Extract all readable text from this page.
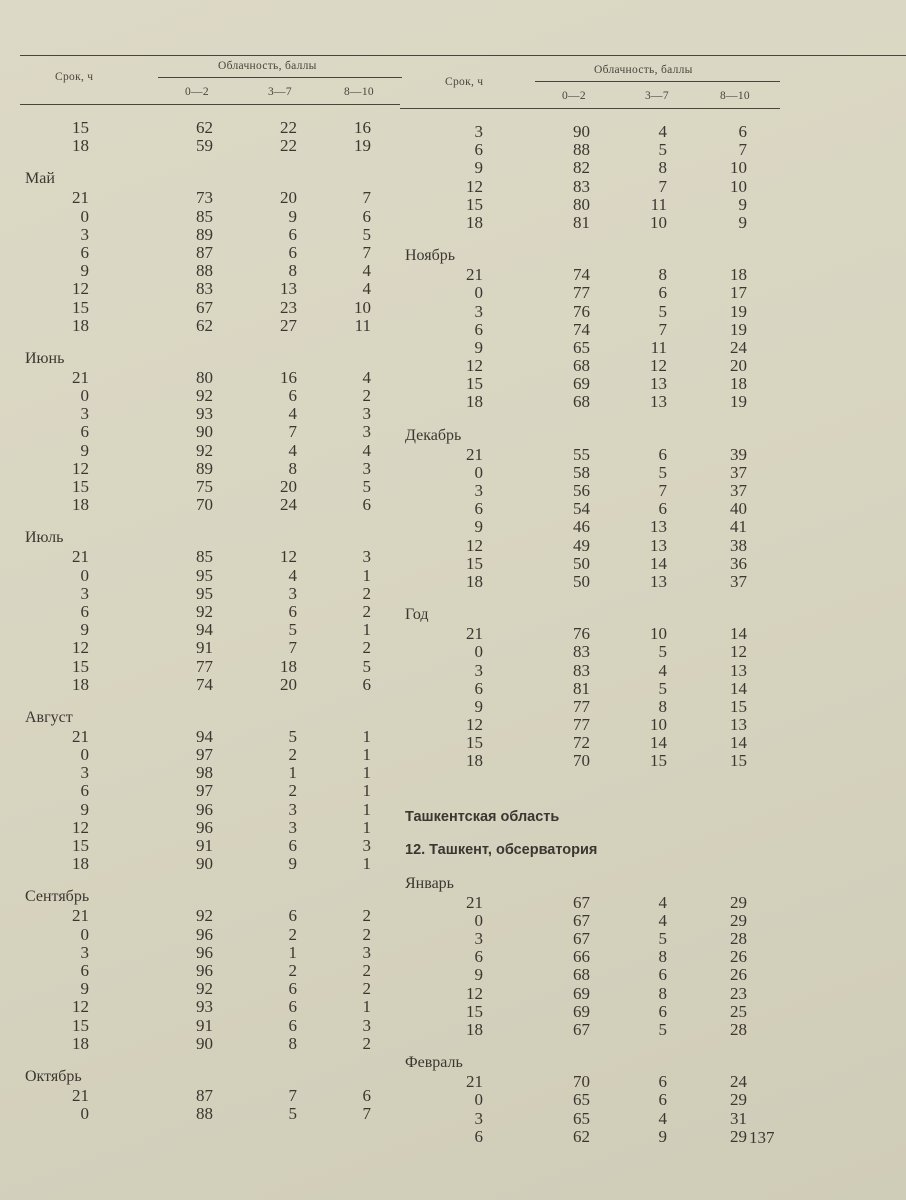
Срок, ч
Облачность, баллы
0—2	3—7	8—10
Срок, ч
Облачность, баллы
0—2	3—7	8—10
15	62	22	16
18	59	22	19
Май
21	73	20	7
0	85	9	6
3	89	6	5
6	87	6	7
9	88	8	4
12	83	13	4
15	67	23	10
18	62	27	11
Июнь
21	80	16	4
0	92	6	2
3	93	4	3
6	90	7	3
9	92	4	4
12	89	8	3
15	75	20	5
18	70	24	6
Июль
21	85	12	3
0	95	4	1
3	95	3	2
6	92	6	2
9	94	5	1
12	91	7	2
15	77	18	5
18	74	20	6
Август
21	94	5	1
0	97	2	1
3	98	1	1
6	97	2	1
9	96	3	1
12	96	3	1
15	91	6	3
18	90	9	1
Сентябрь
21	92	6	2
0	96	2	2
3	96	1	3
6	96	2	2
9	92	6	2
12	93	6	1
15	91	6	3
18	90	8	2
Октябрь
21	87	7	6
0	88	5	7
3	90	4	6
6	88	5	7
9	82	8	10
12	83	7	10
15	80	11	9
18	81	10	9
Ноябрь
21	74	8	18
0	77	6	17
3	76	5	19
6	74	7	19
9	65	11	24
12	68	12	20
15	69	13	18
18	68	13	19
Декабрь
21	55	6	39
0	58	5	37
3	56	7	37
6	54	6	40
9	46	13	41
12	49	13	38
15	50	14	36
18	50	13	37
Год
21	76	10	14
0	83	5	12
3	83	4	13
6	81	5	14
9	77	8	15
12	77	10	13
15	72	14	14
18	70	15	15
Ташкентская область
12. Ташкент, обсерватория
Январь
21	67	4	29
0	67	4	29
3	67	5	28
6	66	8	26
9	68	6	26
12	69	8	23
15	69	6	25
18	67	5	28
Февраль
21	70	6	24
0	65	6	29
3	65	4	31
6	62	9	29 137
